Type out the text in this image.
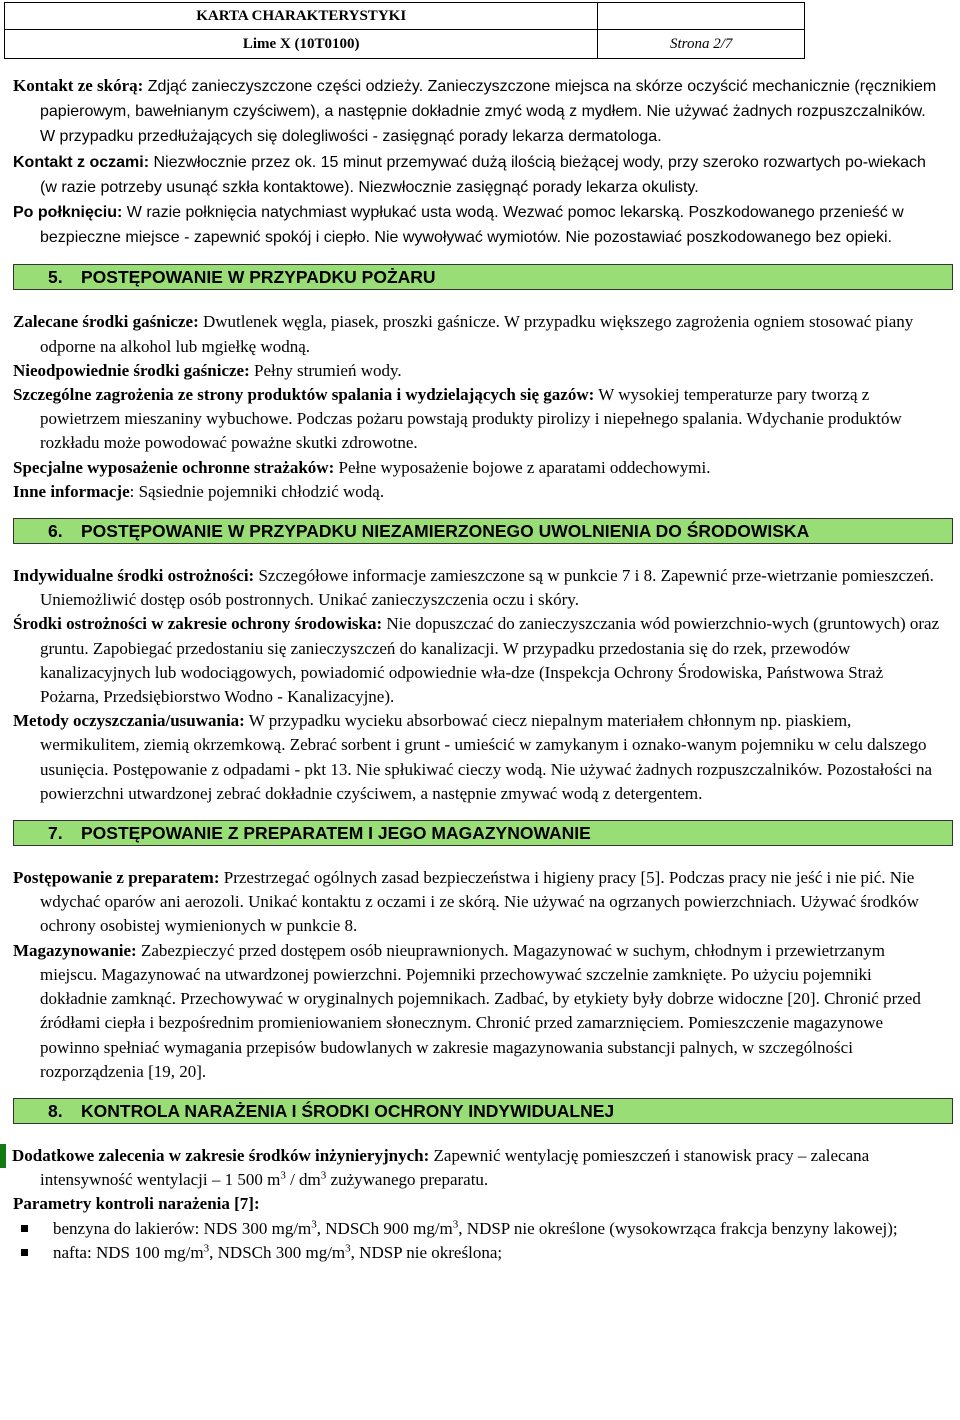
KARTA CHARAKTERYSTYKI	
Lime X (10T0100)	Strona 2/7

Kontakt ze skórą: Zdjąć zanieczyszczone części odzieży. Zanieczyszczone miejsca na skórze oczyścić mechanicznie (ręcznikiem papierowym, bawełnianym czyściwem), a następnie dokładnie zmyć wodą z mydłem. Nie używać żadnych rozpuszczalników. W przypadku przedłużających się dolegliwości - zasięgnąć porady lekarza dermatologa.

Kontakt z oczami: Niezwłocznie przez ok. 15 minut przemywać dużą ilością bieżącej wody, przy szeroko rozwartych po-wiekach (w razie potrzeby usunąć szkła kontaktowe). Niezwłocznie zasięgnąć porady lekarza okulisty.

Po połknięciu: W razie połknięcia natychmiast wypłukać usta wodą. Wezwać pomoc lekarską. Poszkodowanego przenieść w bezpieczne miejsce - zapewnić spokój i ciepło. Nie wywoływać wymiotów. Nie pozostawiać poszkodowanego bez opieki.

5.	POSTĘPOWANIE W PRZYPADKU POŻARU

Zalecane środki gaśnicze: Dwutlenek węgla, piasek, proszki gaśnicze. W przypadku większego zagrożenia ogniem stosować piany odporne na alkohol lub mgiełkę wodną.

Nieodpowiednie środki gaśnicze: Pełny strumień wody.

Szczególne zagrożenia ze strony produktów spalania i wydzielających się gazów: W wysokiej temperaturze pary tworzą z powietrzem mieszaniny wybuchowe. Podczas pożaru powstają produkty pirolizy i niepełnego spalania. Wdychanie produktów rozkładu może powodować poważne skutki zdrowotne.

Specjalne wyposażenie ochronne strażaków: Pełne wyposażenie bojowe z aparatami oddechowymi.

Inne informacje: Sąsiednie pojemniki chłodzić wodą.

6.	POSTĘPOWANIE W PRZYPADKU NIEZAMIERZONEGO UWOLNIENIA DO ŚRODOWISKA

Indywidualne środki ostrożności: Szczegółowe informacje zamieszczone są w punkcie 7 i 8. Zapewnić prze-wietrzanie pomieszczeń. Uniemożliwić dostęp osób postronnych. Unikać zanieczyszczenia oczu i skóry.

Środki ostrożności w zakresie ochrony środowiska: Nie dopuszczać do zanieczyszczania wód powierzchnio-wych (gruntowych) oraz gruntu. Zapobiegać przedostaniu się zanieczyszczeń do kanalizacji. W przypadku przedostania się do rzek, przewodów kanalizacyjnych lub wodociągowych, powiadomić odpowiednie wła-dze (Inspekcja Ochrony Środowiska, Państwowa Straż Pożarna, Przedsiębiorstwo Wodno - Kanalizacyjne).

Metody oczyszczania/usuwania: W przypadku wycieku absorbować ciecz niepalnym materiałem chłonnym np. piaskiem, wermikulitem, ziemią okrzemkową. Zebrać sorbent i grunt - umieścić w zamykanym i oznako-wanym pojemniku w celu dalszego usunięcia. Postępowanie z odpadami - pkt 13. Nie spłukiwać cieczy wodą. Nie używać żadnych rozpuszczalników. Pozostałości na powierzchni utwardzonej zebrać dokładnie czyściwem, a następnie zmywać wodą z detergentem.

7.	POSTĘPOWANIE Z PREPARATEM I JEGO MAGAZYNOWANIE

Postępowanie z preparatem: Przestrzegać ogólnych zasad bezpieczeństwa i higieny pracy [5]. Podczas pracy nie jeść i nie pić. Nie wdychać oparów ani aerozoli. Unikać kontaktu z oczami i ze skórą. Nie używać na ogrzanych powierzchniach. Używać środków ochrony osobistej wymienionych w punkcie 8.

Magazynowanie: Zabezpieczyć przed dostępem osób nieuprawnionych. Magazynować w suchym, chłodnym i przewietrzanym miejscu. Magazynować na utwardzonej powierzchni. Pojemniki przechowywać szczelnie zamknięte. Po użyciu pojemniki dokładnie zamknąć. Przechowywać w oryginalnych pojemnikach. Zadbać, by etykiety były dobrze widoczne [20]. Chronić przed źródłami ciepła i bezpośrednim promieniowaniem słonecznym. Chronić przed zamarznięciem. Pomieszczenie magazynowe powinno spełniać wymagania przepisów budowlanych w zakresie magazynowania substancji palnych, w szczególności rozporządzenia [19, 20].

8.	KONTROLA NARAŻENIA I ŚRODKI OCHRONY INDYWIDUALNEJ

Dodatkowe zalecenia w zakresie środków inżynieryjnych: Zapewnić wentylację pomieszczeń i stanowisk pracy – zalecana intensywność wentylacji – 1 500 $m^3 / dm^3$ zużywanego preparatu.

Parametry kontroli narażenia [7]:

benzyna do lakierów: NDS 300 $mg/m^3$, NDSCh 900 $mg/m^3$, NDSP nie określone (wysokowrząca frakcja benzyny lakowej);
nafta: NDS 100 $mg/m^3$, NDSCh 300 $mg/m^3$, NDSP nie określona;
